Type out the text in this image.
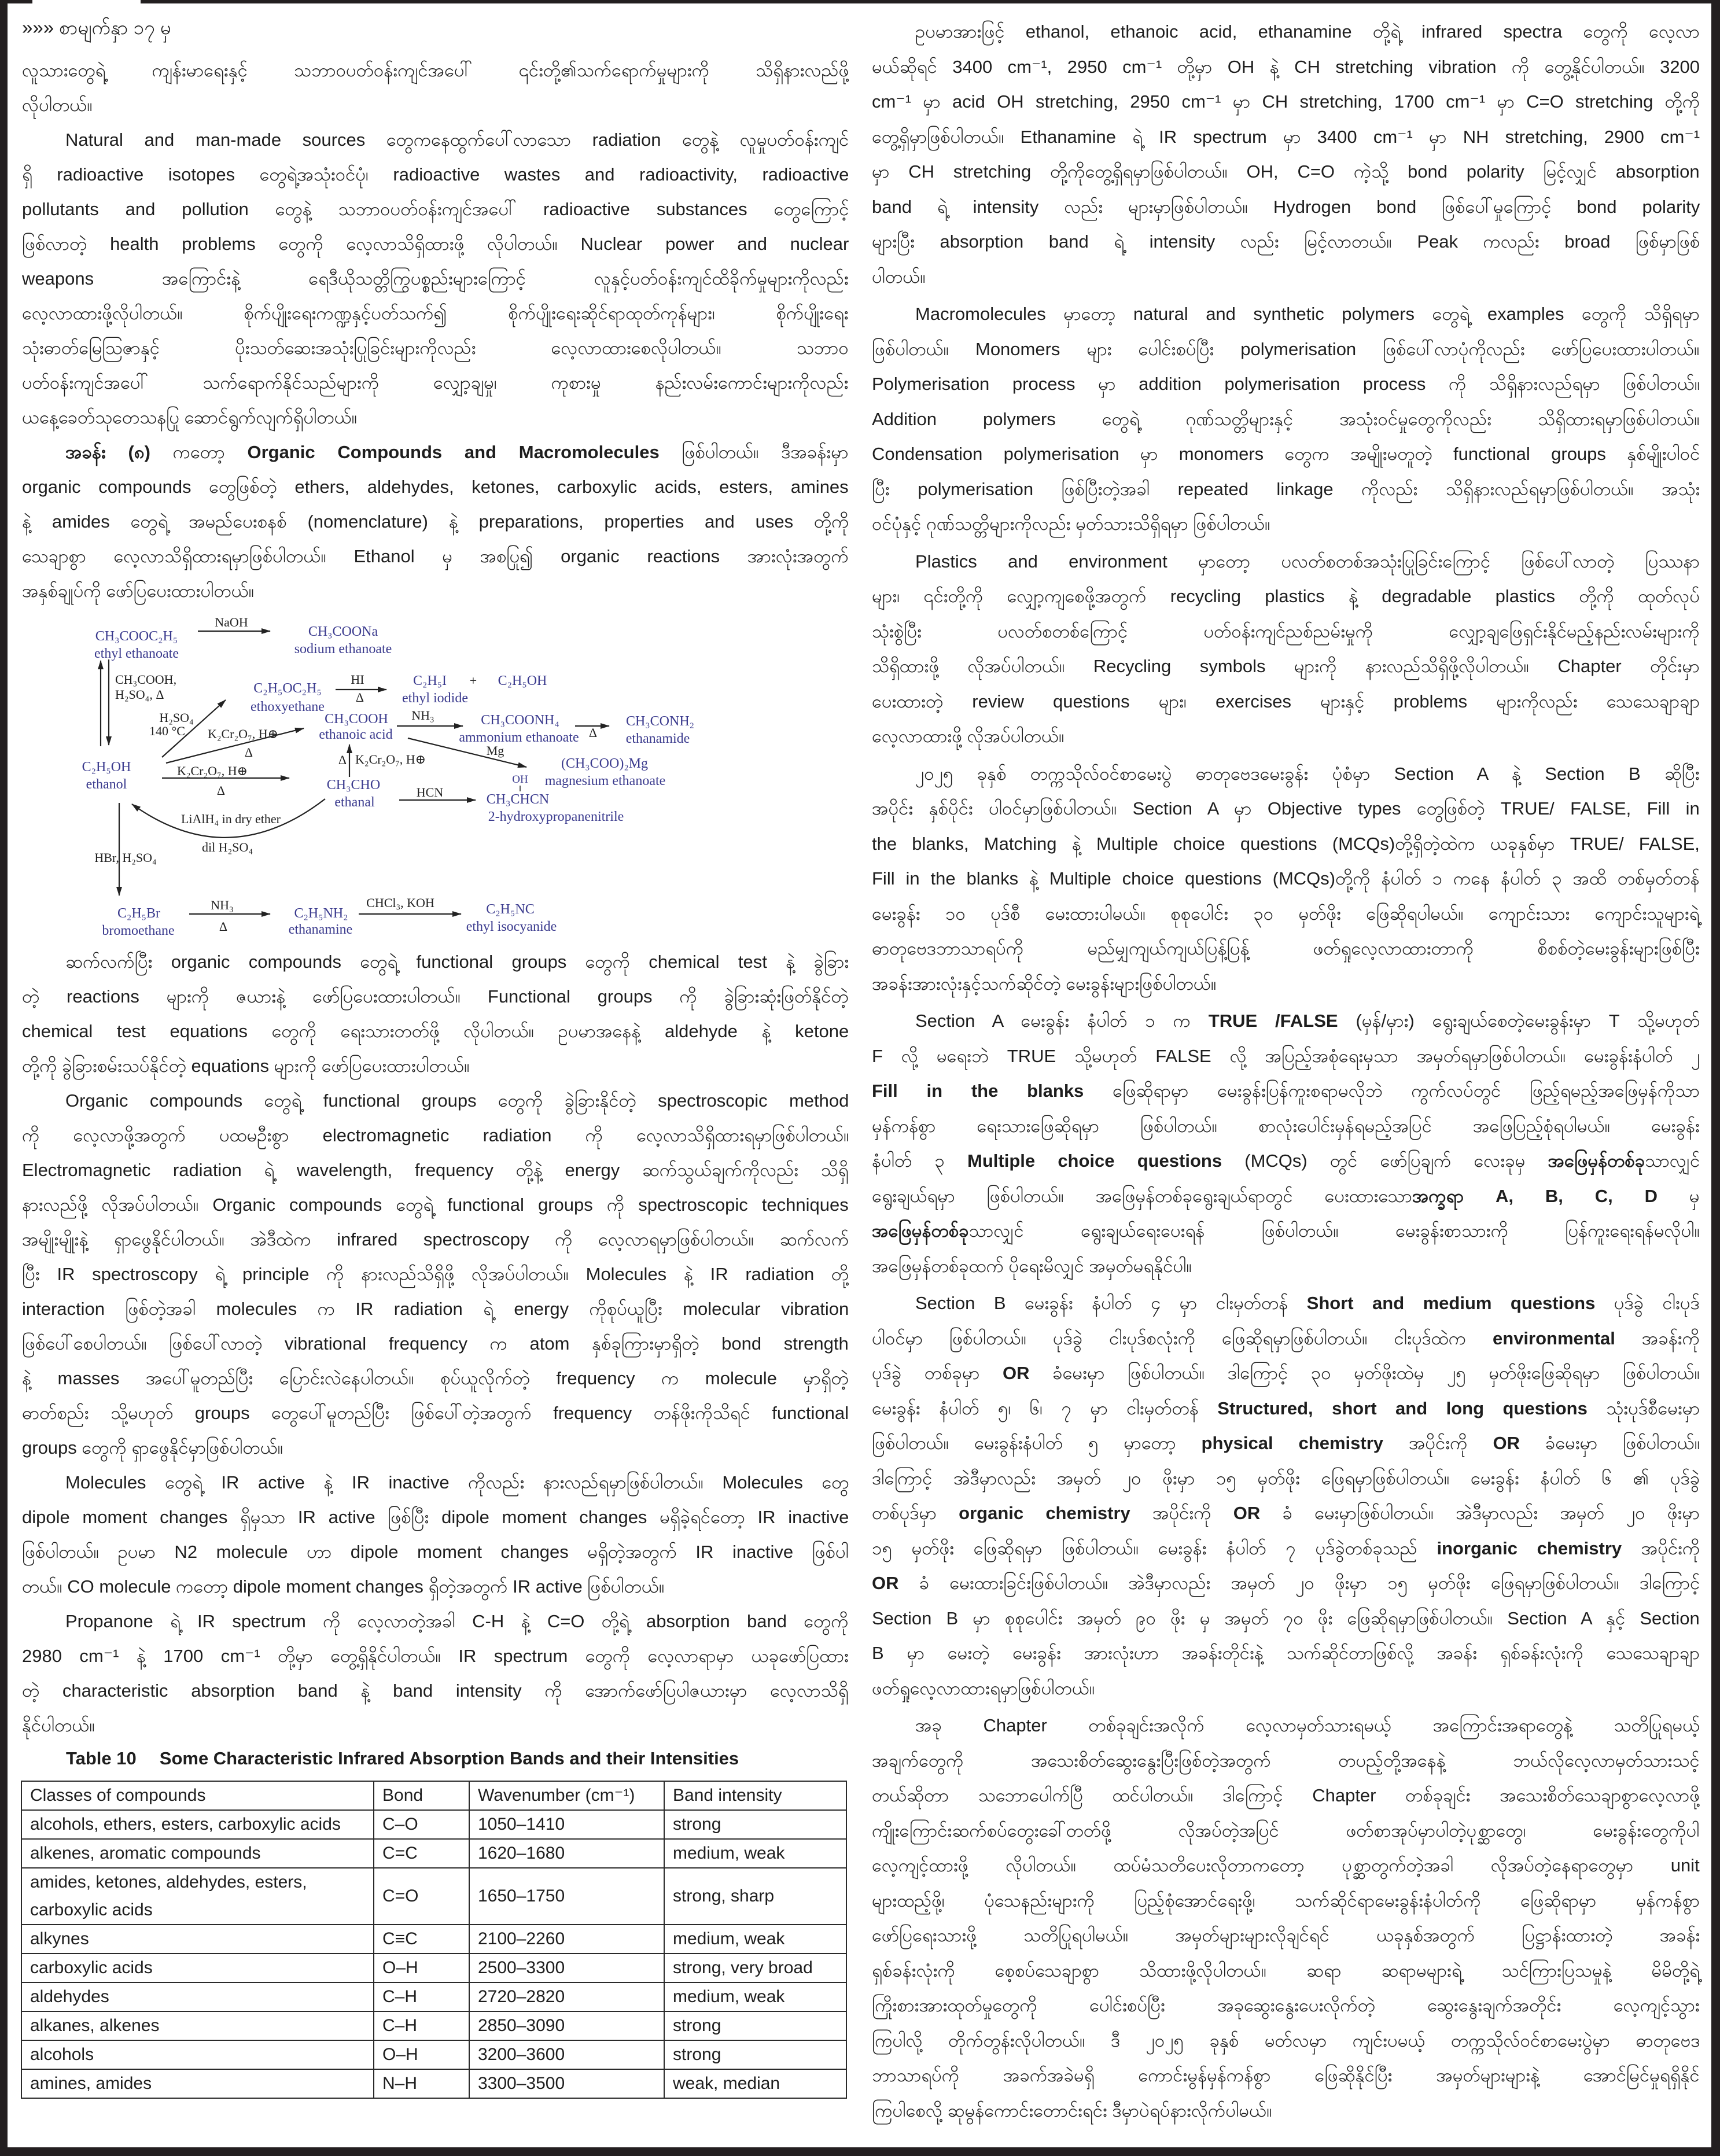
»»» စာမျက်နှာ ၁၇ မှ
လူသားတွေရဲ့ ကျန်းမာရေးနှင့် သဘာဝပတ်ဝန်းကျင်အပေါ် ၎င်းတို့၏သက်ရောက်မှုများကို သိရှိနားလည်ဖို့
လိုပါတယ်။
Natural and man-made sources တွေကနေထွက်ပေါ်လာသော radiation တွေနဲ့ လူမှုပတ်ဝန်းကျင်
ရှိ radioactive isotopes တွေရဲ့အသုံးဝင်ပုံ၊ radioactive wastes and radioactivity, radioactive
pollutants and pollution တွေနဲ့ သဘာဝပတ်ဝန်းကျင်အပေါ် radioactive substances တွေကြောင့်
ဖြစ်လာတဲ့ health problems တွေကို လေ့လာသိရှိထားဖို့ လိုပါတယ်။ Nuclear power and nuclear
weapons အကြောင်းနဲ့ ရေဒီယိုသတ္တိကြွပစ္စည်းများကြောင့် လူနှင့်ပတ်ဝန်းကျင်ထိခိုက်မှုများကိုလည်း
လေ့လာထားဖို့လိုပါတယ်။ စိုက်ပျိုးရေးကဏ္ဍနှင့်ပတ်သက်၍ စိုက်ပျိုးရေးဆိုင်ရာထုတ်ကုန်များ၊ စိုက်ပျိုးရေး
သုံးဓာတ်မြေဩဇာနှင့် ပိုးသတ်ဆေးအသုံးပြုခြင်းများကိုလည်း လေ့လာထားစေလိုပါတယ်။ သဘာဝ
ပတ်ဝန်းကျင်အပေါ် သက်ရောက်နိုင်သည်များကို လျှော့ချမှု၊ ကုစားမှု နည်းလမ်းကောင်းများကိုလည်း
ယနေ့ခေတ်သုတေသနပြု ဆောင်ရွက်လျက်ရှိပါတယ်။
အခန်း (၈) ကတော့ Organic Compounds and Macromolecules ဖြစ်ပါတယ်။ ဒီအခန်းမှာ
organic compounds တွေဖြစ်တဲ့ ethers, aldehydes, ketones, carboxylic acids, esters, amines
နဲ့ amides တွေရဲ့ အမည်ပေးစနစ် (nomenclature) နဲ့ preparations, properties and uses တို့ကို
သေချာစွာ လေ့လာသိရှိထားရမှာဖြစ်ပါတယ်။ Ethanol မှ အစပြု၍ organic reactions အားလုံးအတွက်
အနှစ်ချုပ်ကို ဖော်ပြပေးထားပါတယ်။
CH₃COOC₂H₅
ethyl ethanoate
CH₃COONa
sodium ethanoate
C₂H₅OC₂H₅
ethoxyethane
C₂H₅I + C₂H₅OH
ethyl iodide
CH₃COOH
ethanoic acid
CH₃COONH₄
ammonium ethanoate
CH₃CONH₂
ethanamide
(CH₃COO)₂Mg
magnesium ethanoate
OH
CH₃CHCN
2-hydroxypropanenitrile
C₂H₅OH
ethanol	CH₃CHO
ethanal
C₂H₅Br
bromoethane
C₂H₅NH₂
ethanamine
C₂H₅NC
ethyl isocyanide
NaOH
CH₃COOH,
H₂SO₄, Δ
HI
Δ
H₂SO₄
140 °C K₂Cr₂O₇, H⊕
Δ
NH₃
Δ
Mg
HCN
K₂Cr₂O₇, H⊕
Δ
Δ K₂Cr₂O₇, H⊕
LiAlH₄ in dry ether
dil H₂SO₄
HBr, H₂SO₄
NH₃
Δ
CHCl₃, KOH
ဆက်လက်ပြီး organic compounds တွေရဲ့ functional groups တွေကို chemical test နဲ့ ခွဲခြား
တဲ့ reactions များကို ဇယားနဲ့ ဖော်ပြပေးထားပါတယ်။ Functional groups ကို ခွဲခြားဆုံးဖြတ်နိုင်တဲ့
chemical test equations တွေကို ရေးသားတတ်ဖို့ လိုပါတယ်။ ဥပမာအနေနဲ့ aldehyde နဲ့ ketone
တို့ကို ခွဲခြားစမ်းသပ်နိုင်တဲ့ equations များကို ဖော်ပြပေးထားပါတယ်။
Organic compounds တွေရဲ့ functional groups တွေကို ခွဲခြားနိုင်တဲ့ spectroscopic method
ကို လေ့လာဖို့အတွက် ပထမဦးစွာ electromagnetic radiation ကို လေ့လာသိရှိထားရမှာဖြစ်ပါတယ်။
Electromagnetic radiation ရဲ့ wavelength, frequency တို့နဲ့ energy ဆက်သွယ်ချက်ကိုလည်း သိရှိ
နားလည်ဖို့ လိုအပ်ပါတယ်။ Organic compounds တွေရဲ့ functional groups ကို spectroscopic techniques
အမျိုးမျိုးနဲ့ ရှာဖွေနိုင်ပါတယ်။ အဲဒီထဲက infrared spectroscopy ကို လေ့လာရမှာဖြစ်ပါတယ်။ ဆက်လက်
ပြီး IR spectroscopy ရဲ့ principle ကို နားလည်သိရှိဖို့ လိုအပ်ပါတယ်။ Molecules နဲ့ IR radiation တို့
interaction ဖြစ်တဲ့အခါ molecules က IR radiation ရဲ့ energy ကိုစုပ်ယူပြီး molecular vibration
ဖြစ်ပေါ်စေပါတယ်။ ဖြစ်ပေါ်လာတဲ့ vibrational frequency က atom နှစ်ခုကြားမှာရှိတဲ့ bond strength
နဲ့ masses အပေါ်မူတည်ပြီး ပြောင်းလဲနေပါတယ်။ စုပ်ယူလိုက်တဲ့ frequency က molecule မှာရှိတဲ့
ဓာတ်စည်း သို့မဟုတ် groups တွေပေါ်မူတည်ပြီး ဖြစ်ပေါ်တဲ့အတွက် frequency တန်ဖိုးကိုသိရင် functional
groups တွေကို ရှာဖွေနိုင်မှာဖြစ်ပါတယ်။
Molecules တွေရဲ့ IR active နဲ့ IR inactive ကိုလည်း နားလည်ရမှာဖြစ်ပါတယ်။ Molecules တွေ
dipole moment changes ရှိမှသာ IR active ဖြစ်ပြီး dipole moment changes မရှိခဲ့ရင်တော့ IR inactive
ဖြစ်ပါတယ်။ ဥပမာ N2 molecule ဟာ dipole moment changes မရှိတဲ့အတွက် IR inactive ဖြစ်ပါ
တယ်။ CO molecule ကတော့ dipole moment changes ရှိတဲ့အတွက် IR active ဖြစ်ပါတယ်။
Propanone ရဲ့ IR spectrum ကို လေ့လာတဲ့အခါ C-H နဲ့ C=O တို့ရဲ့ absorption band တွေကို
2980 cm⁻¹ နဲ့ 1700 cm⁻¹ တို့မှာ တွေ့ရှိနိုင်ပါတယ်။ IR spectrum တွေကို လေ့လာရာမှာ ယခုဖော်ပြထား
တဲ့ characteristic absorption band နဲ့ band intensity ကို အောက်ဖော်ပြပါဇယားမှာ လေ့လာသိရှိ
နိုင်ပါတယ်။
Table 10 Some Characteristic Infrared Absorption Bands and their Intensities
Classes of compounds	Bond	Wavenumber (cm⁻¹)	Band intensity
alcohols, ethers, esters, carboxylic acids	C–O	1050–1410	strong
alkenes, aromatic compounds	C=C	1620–1680	medium, weak
amides, ketones, aldehydes, esters, carboxylic acids	C=O	1650–1750	strong, sharp
alkynes	C≡C	2100–2260	medium, weak
carboxylic acids	O–H	2500–3300	strong, very broad
aldehydes	C–H	2720–2820	medium, weak
alkanes, alkenes	C–H	2850–3090	strong
alcohols	O–H	3200–3600	strong
amines, amides	N–H	3300–3500	weak, median
ဥပမာအားဖြင့် ethanol, ethanoic acid, ethanamine တို့ရဲ့ infrared spectra တွေကို လေ့လာ
မယ်ဆိုရင် 3400 cm⁻¹, 2950 cm⁻¹ တို့မှာ OH နဲ့ CH stretching vibration ကို တွေ့နိုင်ပါတယ်။ 3200
cm⁻¹ မှာ acid OH stretching, 2950 cm⁻¹ မှာ CH stretching, 1700 cm⁻¹ မှာ C=O stretching တို့ကို
တွေ့ရှိမှာဖြစ်ပါတယ်။ Ethanamine ရဲ့ IR spectrum မှာ 3400 cm⁻¹ မှာ NH stretching, 2900 cm⁻¹
မှာ CH stretching တို့ကိုတွေ့ရှိရမှာဖြစ်ပါတယ်။ OH, C=O ကဲ့သို့ bond polarity မြင့်လျှင် absorption
band ရဲ့ intensity လည်း များမှာဖြစ်ပါတယ်။ Hydrogen bond ဖြစ်ပေါ်မှုကြောင့် bond polarity
များပြီး absorption band ရဲ့ intensity လည်း မြင့်လာတယ်။ Peak ကလည်း broad ဖြစ်မှာဖြစ်
ပါတယ်။
Macromolecules မှာတော့ natural and synthetic polymers တွေရဲ့ examples တွေကို သိရှိရမှာ
ဖြစ်ပါတယ်။ Monomers များ ပေါင်းစပ်ပြီး polymerisation ဖြစ်ပေါ်လာပုံကိုလည်း ဖော်ပြပေးထားပါတယ်။
Polymerisation process မှာ addition polymerisation process ကို သိရှိနားလည်ရမှာ ဖြစ်ပါတယ်။
Addition polymers တွေရဲ့ ဂုဏ်သတ္တိများနှင့် အသုံးဝင်မှုတွေကိုလည်း သိရှိထားရမှာဖြစ်ပါတယ်။
Condensation polymerisation မှာ monomers တွေက အမျိုးမတူတဲ့ functional groups နှစ်မျိုးပါဝင်
ပြီး polymerisation ဖြစ်ပြီးတဲ့အခါ repeated linkage ကိုလည်း သိရှိနားလည်ရမှာဖြစ်ပါတယ်။ အသုံး
ဝင်ပုံနှင့် ဂုဏ်သတ္တိများကိုလည်း မှတ်သားသိရှိရမှာ ဖြစ်ပါတယ်။
Plastics and environment မှာတော့ ပလတ်စတစ်အသုံးပြုခြင်းကြောင့် ဖြစ်ပေါ်လာတဲ့ ပြဿနာ
များ၊ ၎င်းတို့ကို လျှော့ကျစေဖို့အတွက် recycling plastics နဲ့ degradable plastics တို့ကို ထုတ်လုပ်
သုံးစွဲပြီး ပလတ်စတစ်ကြောင့် ပတ်ဝန်းကျင်ညစ်ညမ်းမှုကို လျှော့ချဖြေရှင်းနိုင်မည့်နည်းလမ်းများကို
သိရှိထားဖို့ လိုအပ်ပါတယ်။ Recycling symbols များကို နားလည်သိရှိဖို့လိုပါတယ်။ Chapter တိုင်းမှာ
ပေးထားတဲ့ review questions များ၊ exercises များနှင့် problems များကိုလည်း သေသေချာချာ
လေ့လာထားဖို့ လိုအပ်ပါတယ်။
၂၀၂၅ ခုနှစ် တက္ကသိုလ်ဝင်စာမေးပွဲ ဓာတုဗေဒမေးခွန်း ပုံစံမှာ Section A နဲ့ Section B ဆိုပြီး
အပိုင်း နှစ်ပိုင်း ပါဝင်မှာဖြစ်ပါတယ်။ Section A မှာ Objective types တွေဖြစ်တဲ့ TRUE/ FALSE, Fill in
the blanks, Matching နဲ့ Multiple choice questions (MCQs)တို့ရှိတဲ့ထဲက ယခုနှစ်မှာ TRUE/ FALSE,
Fill in the blanks နဲ့ Multiple choice questions (MCQs)တို့ကို နံပါတ် ၁ ကနေ နံပါတ် ၃ အထိ တစ်မှတ်တန်
မေးခွန်း ၁၀ ပုဒ်စီ မေးထားပါမယ်။ စုစုပေါင်း ၃၀ မှတ်ဖိုး ဖြေဆိုရပါမယ်။ ကျောင်းသား ကျောင်းသူများရဲ့
ဓာတုဗေဒဘာသာရပ်ကို မည်မျှကျယ်ကျယ်ပြန့်ပြန့် ဖတ်ရှုလေ့လာထားတာကို စိစစ်တဲ့မေးခွန်းများဖြစ်ပြီး
အခန်းအားလုံးနှင့်သက်ဆိုင်တဲ့ မေးခွန်းများဖြစ်ပါတယ်။
Section A မေးခွန်း နံပါတ် ၁ က TRUE /FALSE (မှန်/မှား) ရွေးချယ်စေတဲ့မေးခွန်းမှာ T သို့မဟုတ်
F လို့ မရေးဘဲ TRUE သို့မဟုတ် FALSE လို့ အပြည့်အစုံရေးမှသာ အမှတ်ရမှာဖြစ်ပါတယ်။ မေးခွန်းနံပါတ် ၂
Fill in the blanks ဖြေဆိုရာမှာ မေးခွန်းပြန်ကူးစရာမလိုဘဲ ကွက်လပ်တွင် ဖြည့်ရမည့်အဖြေမှန်ကိုသာ
မှန်ကန်စွာ ရေးသားဖြေဆိုရမှာ ဖြစ်ပါတယ်။ စာလုံးပေါင်းမှန်ရမည့်အပြင် အဖြေပြည့်စုံရပါမယ်။ မေးခွန်း
နံပါတ် ၃ Multiple choice questions (MCQs) တွင် ဖော်ပြချက် လေးခုမှ အဖြေမှန်တစ်ခုသာလျှင်
ရွေးချယ်ရမှာ ဖြစ်ပါတယ်။ အဖြေမှန်တစ်ခုရွေးချယ်ရာတွင် ပေးထားသောအက္ခရာ A, B, C, D မှ
အဖြေမှန်တစ်ခုသာလျှင် ရွေးချယ်ရေးပေးရန် ဖြစ်ပါတယ်။ မေးခွန်းစာသားကို ပြန်ကူးရေးရန်မလိုပါ။
အဖြေမှန်တစ်ခုထက် ပိုရေးမိလျှင် အမှတ်မရနိုင်ပါ။
Section B မေးခွန်း နံပါတ် ၄ မှာ ငါးမှတ်တန် Short and medium questions ပုဒ်ခွဲ ငါးပုဒ်
ပါဝင်မှာ ဖြစ်ပါတယ်။ ပုဒ်ခွဲ ငါးပုဒ်စလုံးကို ဖြေဆိုရမှာဖြစ်ပါတယ်။ ငါးပုဒ်ထဲက environmental အခန်းကို
ပုဒ်ခွဲ တစ်ခုမှာ OR ခံမေးမှာ ဖြစ်ပါတယ်။ ဒါကြောင့် ၃၀ မှတ်ဖိုးထဲမှ ၂၅ မှတ်ဖိုးဖြေဆိုရမှာ ဖြစ်ပါတယ်။
မေးခွန်း နံပါတ် ၅၊ ၆၊ ၇ မှာ ငါးမှတ်တန် Structured, short and long questions သုံးပုဒ်စီမေးမှာ
ဖြစ်ပါတယ်။ မေးခွန်းနံပါတ် ၅ မှာတော့ physical chemistry အပိုင်းကို OR ခံမေးမှာ ဖြစ်ပါတယ်။
ဒါကြောင့် အဲဒီမှာလည်း အမှတ် ၂၀ ဖိုးမှာ ၁၅ မှတ်ဖိုး ဖြေရမှာဖြစ်ပါတယ်။ မေးခွန်း နံပါတ် ၆ ၏ ပုဒ်ခွဲ
တစ်ပုဒ်မှာ organic chemistry အပိုင်းကို OR ခံ မေးမှာဖြစ်ပါတယ်။ အဲဒီမှာလည်း အမှတ် ၂၀ ဖိုးမှာ
၁၅ မှတ်ဖိုး ဖြေဆိုရမှာ ဖြစ်ပါတယ်။ မေးခွန်း နံပါတ် ၇ ပုဒ်ခွဲတစ်ခုသည် inorganic chemistry အပိုင်းကို
OR ခံ မေးထားခြင်းဖြစ်ပါတယ်။ အဲဒီမှာလည်း အမှတ် ၂၀ ဖိုးမှာ ၁၅ မှတ်ဖိုး ဖြေရမှာဖြစ်ပါတယ်။ ဒါကြောင့်
Section B မှာ စုစုပေါင်း အမှတ် ၉၀ ဖိုး မှ အမှတ် ၇၀ ဖိုး ဖြေဆိုရမှာဖြစ်ပါတယ်။ Section A နှင့် Section
B မှာ မေးတဲ့ မေးခွန်း အားလုံးဟာ အခန်းတိုင်းနဲ့ သက်ဆိုင်တာဖြစ်လို့ အခန်း ရှစ်ခန်းလုံးကို သေသေချာချာ
ဖတ်ရှုလေ့လာထားရမှာဖြစ်ပါတယ်။
အခု Chapter တစ်ခုချင်းအလိုက် လေ့လာမှတ်သားရမယ့် အကြောင်းအရာတွေနဲ့ သတိပြုရမယ့်
အချက်တွေကို အသေးစိတ်ဆွေးနွေးပြီးဖြစ်တဲ့အတွက် တပည့်တို့အနေနဲ့ ဘယ်လိုလေ့လာမှတ်သားသင့်
တယ်ဆိုတာ သဘောပေါက်ပြီ ထင်ပါတယ်။ ဒါကြောင့် Chapter တစ်ခုချင်း အသေးစိတ်သေချာစွာလေ့လာဖို့
ကျိုးကြောင်းဆက်စပ်တွေးခေါ်တတ်ဖို့ လိုအပ်တဲ့အပြင် ဖတ်စာအုပ်မှာပါတဲ့ပုစ္ဆာတွေ၊ မေးခွန်းတွေကိုပါ
လေ့ကျင့်ထားဖို့ လိုပါတယ်။ ထပ်မံသတိပေးလိုတာကတော့ ပုစ္ဆာတွက်တဲ့အခါ လိုအပ်တဲ့နေရာတွေမှာ unit
များထည့်ဖို့၊ ပုံသေနည်းများကို ပြည့်စုံအောင်ရေးဖို့၊ သက်ဆိုင်ရာမေးခွန်းနံပါတ်ကို ဖြေဆိုရာမှာ မှန်ကန်စွာ
ဖော်ပြရေးသားဖို့ သတိပြုရပါမယ်။ အမှတ်များများလိုချင်ရင် ယခုနှစ်အတွက် ပြဋ္ဌာန်းထားတဲ့ အခန်း
ရှစ်ခန်းလုံးကို စေ့စပ်သေချာစွာ သိထားဖို့လိုပါတယ်။ ဆရာ ဆရာမများရဲ့ သင်ကြားပြသမှုနဲ့ မိမိတို့ရဲ့
ကြိုးစားအားထုတ်မှုတွေကို ပေါင်းစပ်ပြီး အခုဆွေးနွေးပေးလိုက်တဲ့ ဆွေးနွေးချက်အတိုင်း လေ့ကျင့်သွား
ကြပါလို့ တိုက်တွန်းလိုပါတယ်။ ဒီ ၂၀၂၅ ခုနှစ် မတ်လမှာ ကျင်းပမယ့် တက္ကသိုလ်ဝင်စာမေးပွဲမှာ ဓာတုဗေဒ
ဘာသာရပ်ကို အခက်အခဲမရှိ ကောင်းမွန်မှန်ကန်စွာ ဖြေဆိုနိုင်ပြီး အမှတ်များများနဲ့ အောင်မြင်မှုရရှိနိုင်
ကြပါစေလို့ ဆုမွန်ကောင်းတောင်းရင်း ဒီမှာပဲရပ်နားလိုက်ပါမယ်။
